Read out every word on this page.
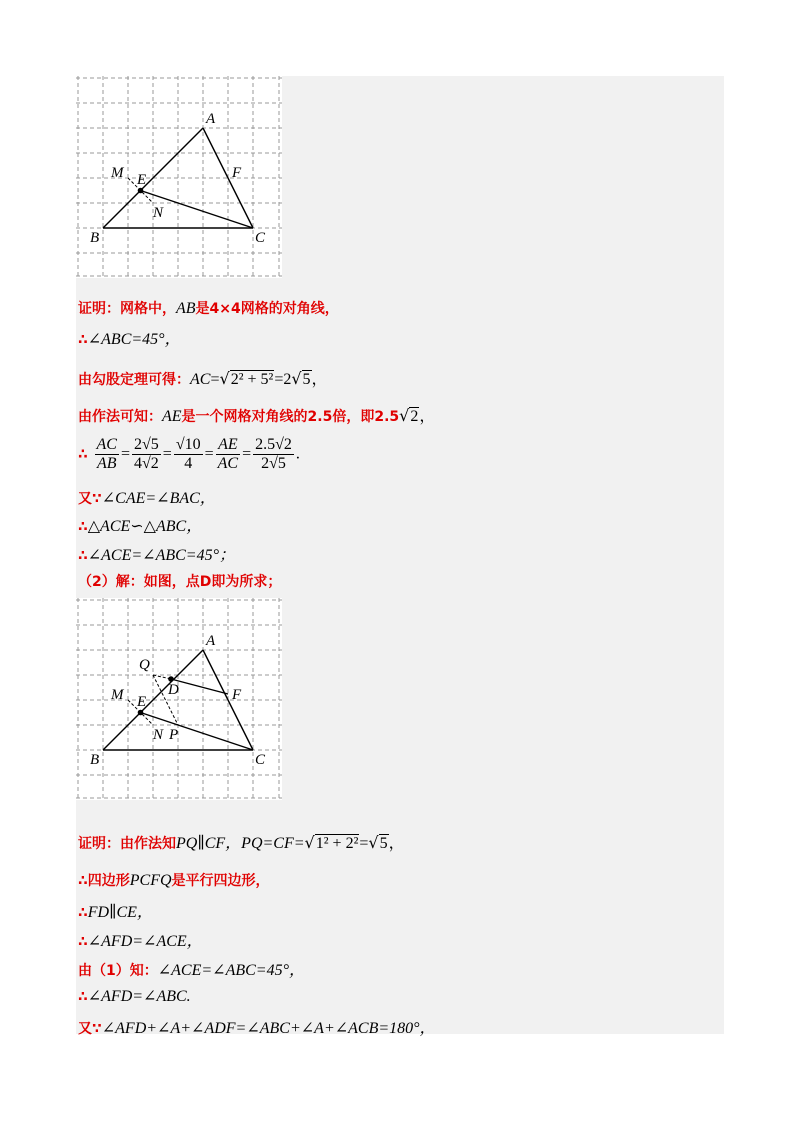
A
F
M E
N
B	C
证明：网格中，AB是4×4网格的对角线，
∴∠ABC=45°，
由勾股定理可得：AC=√2² + 5²=2√5，
由作法可知：AE是一个网格对角线的2.5倍，即2.5√2，
∴ $\frac{AC}{AB} = \frac{2√5}{4√2} = \frac{√10}{4} = \frac{AE}{AC} = \frac{2.5√2}{2√5}$ .
又∵∠CAE=∠BAC，
∴△ACE∽△ABC，
∴∠ACE=∠ABC=45°；
（2）解：如图，点D即为所求；
A
Q
D	F
M E
N P
B	C
证明：由作法知PQ∥CF，PQ=CF=√1² + 2²=√5，
∴四边形PCFQ是平行四边形，
∴FD∥CE，
∴∠AFD=∠ACE，
由（1）知：∠ACE=∠ABC=45°，
∴∠AFD=∠ABC.
又∵∠AFD+∠A+∠ADF=∠ABC+∠A+∠ACB=180°，
